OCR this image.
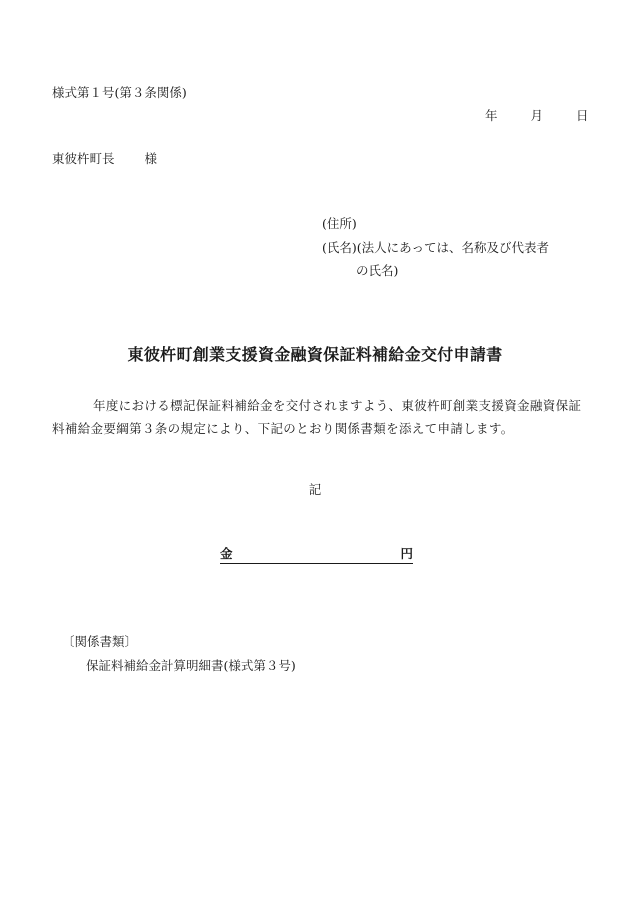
様式第１号(第３条関係)
年	月	日
東彼杵町長 様
(住所)
(氏名)(法人にあっては、名称及び代表者
の氏名)
東彼杵町創業支援資金融資保証料補給金交付申請書
年度における標記保証料補給金を交付されますよう、東彼杵町創業支援資金融資保証料補給金要綱第３条の規定により、下記のとおり関係書類を添えて申請します。
記
金	円
〔関係書類〕
保証料補給金計算明細書(様式第３号)
